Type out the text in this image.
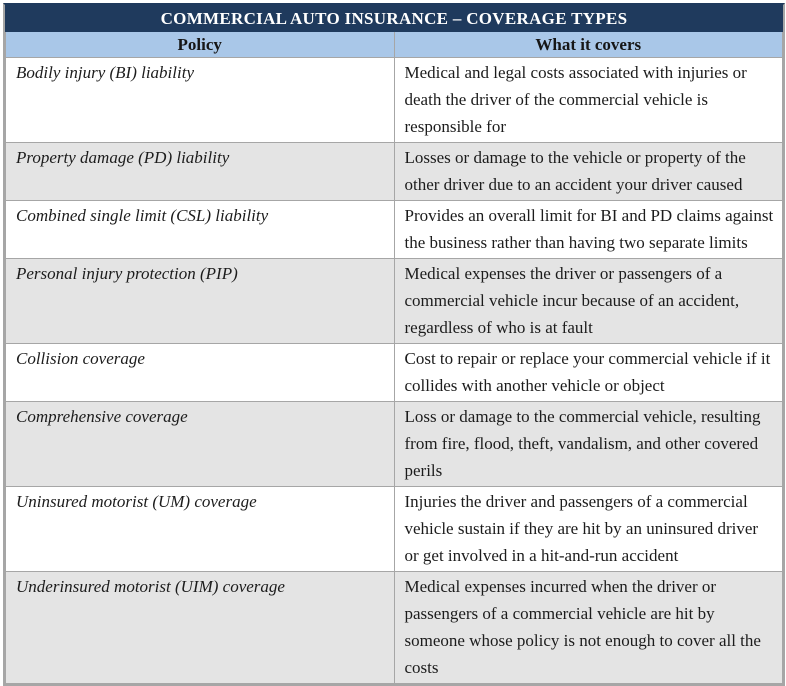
COMMERCIAL AUTO INSURANCE – COVERAGE TYPES	
Policy	What it covers
Bodily injury (BI) liability	Medical and legal costs associated with injuries or death the driver of the commercial vehicle is responsible for
Property damage (PD) liability	Losses or damage to the vehicle or property of the other driver due to an accident your driver caused
Combined single limit (CSL) liability	Provides an overall limit for BI and PD claims against the business rather than having two separate limits
Personal injury protection (PIP)	Medical expenses the driver or passengers of a commercial vehicle incur because of an accident, regardless of who is at fault
Collision coverage	Cost to repair or replace your commercial vehicle if it collides with another vehicle or object
Comprehensive coverage	Loss or damage to the commercial vehicle, resulting from fire, flood, theft, vandalism, and other covered perils
Uninsured motorist (UM) coverage	Injuries the driver and passengers of a commercial vehicle sustain if they are hit by an uninsured driver or get involved in a hit-and-run accident
Underinsured motorist (UIM) coverage	Medical expenses incurred when the driver or passengers of a commercial vehicle are hit by someone whose policy is not enough to cover all the costs
